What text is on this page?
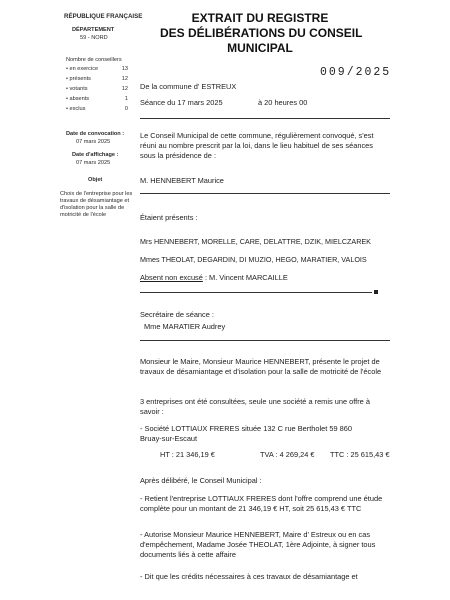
RÉPUBLIQUE FRANÇAISE
DÉPARTEMENT
59 - NORD
EXTRAIT DU REGISTRE
DES DÉLIBÉRATIONS DU CONSEIL
MUNICIPAL
009/2025
Nombre de conseillers
• en exercice	13
• présents	12
• votants	12
• absents	1
• exclus	0
Date de convocation :
07 mars 2025
Date d'affichage :
07 mars 2025
Objet
Choix de l'entreprise pour les travaux de désamiantage et d'isolation pour la salle de motricité de l'école
De la commune d' ESTREUX
Séance du 17 mars 2025	à 20 heures 00
Le Conseil Municipal de cette commune, régulièrement convoqué, s'est réuni au nombre prescrit par la loi, dans le lieu habituel de ses séances sous la présidence de :
M. HENNEBERT Maurice
Étaient présents :
Mrs HENNEBERT, MORELLE, CARE, DELATTRE, DZIK, MIELCZAREK
Mmes THEOLAT, DEGARDIN, DI MUZIO, HEGO, MARATIER, VALOIS
Absent non excusé : M. Vincent MARCAILLE
Secrétaire de séance :
Mme MARATIER Audrey
Monsieur le Maire, Monsieur Maurice HENNEBERT, présente le projet de travaux de désamiantage et d'isolation pour la salle de motricité de l'école
3 entreprises ont été consultées, seule une société a remis une offre à savoir :
- Société LOTTIAUX FRERES située 132 C rue Bertholet 59 860 Bruay-sur-Escaut
HT : 21 346,19 €	TVA : 4 269,24 € TTC : 25 615,43 €
Après délibéré, le Conseil Municipal :
- Retient l'entreprise LOTTIAUX FRERES dont l'offre comprend une étude complète pour un montant de 21 346,19 € HT, soit 25 615,43 € TTC
- Autorise Monsieur Maurice HENNEBERT, Maire d' Estreux ou en cas d'empêchement, Madame Josée THEOLAT, 1ère Adjointe, à signer tous documents liés à cette affaire
- Dit que les crédits nécessaires à ces travaux de désamiantage et
